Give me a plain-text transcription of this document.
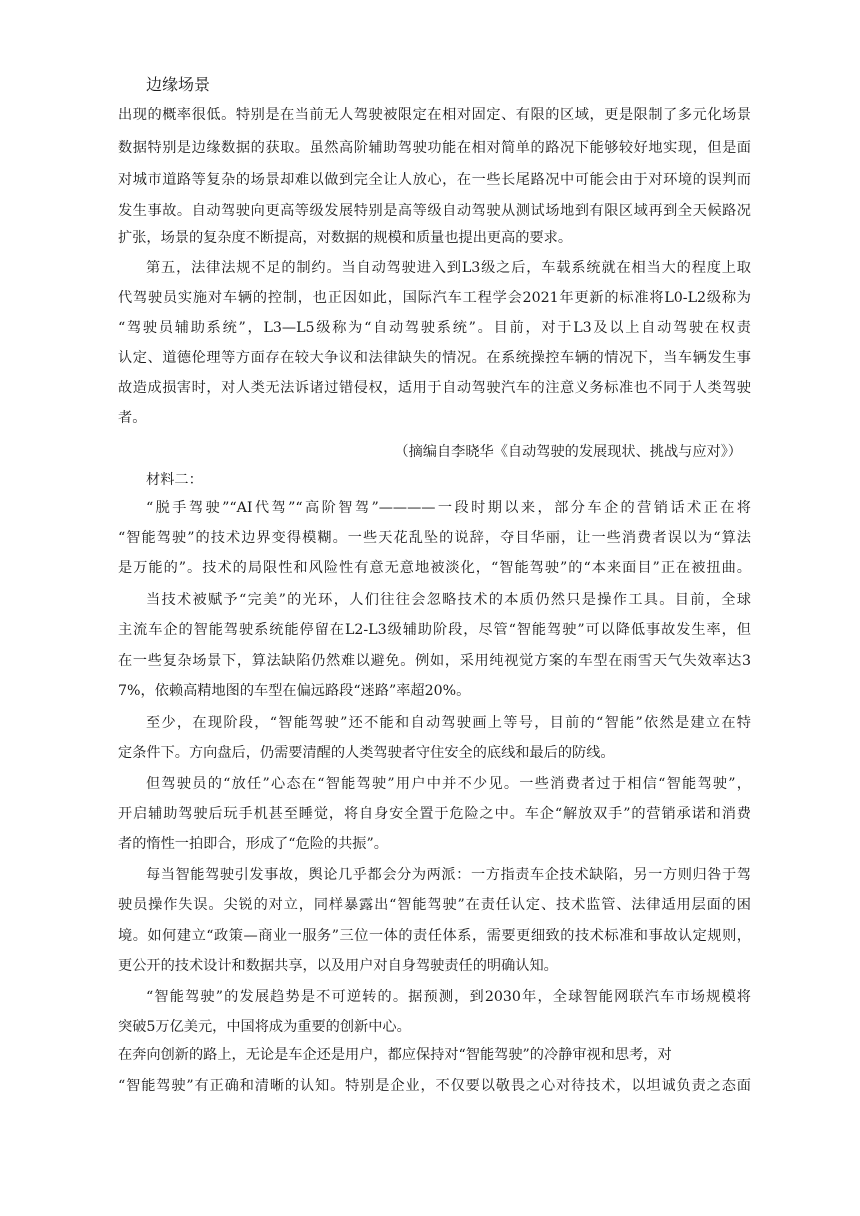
边缘场景
出现的概率很低。特别是在当前无人驾驶被限定在相对固定、有限的区域，更是限制了多元化场景
数据特别是边缘数据的获取。虽然高阶辅助驾驶功能在相对简单的路况下能够较好地实现，但是面
对城市道路等复杂的场景却难以做到完全让人放心，在一些长尾路况中可能会由于对环境的误判而
发生事故。自动驾驶向更高等级发展特别是高等级自动驾驶从测试场地到有限区域再到全天候路况
扩张，场景的复杂度不断提高，对数据的规模和质量也提出更高的要求。
第五，法律法规不足的制约。当自动驾驶进入到L3级之后，车载系统就在相当大的程度上取
代驾驶员实施对车辆的控制，也正因如此，国际汽车工程学会2021年更新的标准将L0-L2级称为
“驾驶员辅助系统”，L3—L5级称为“自动驾驶系统”。目前，对于L3及以上自动驾驶在权责
认定、道德伦理等方面存在较大争议和法律缺失的情况。在系统操控车辆的情况下，当车辆发生事
故造成损害时，对人类无法诉诸过错侵权，适用于自动驾驶汽车的注意义务标准也不同于人类驾驶
者。
（摘编自李晓华《自动驾驶的发展现状、挑战与应对》）
材料二：
“脱手驾驶”“AI代驾”“高阶智驾”————一段时期以来，部分车企的营销话术正在将
“智能驾驶”的技术边界变得模糊。一些天花乱坠的说辞，夺目华丽，让一些消费者误以为“算法
是万能的”。技术的局限性和风险性有意无意地被淡化，“智能驾驶”的“本来面目”正在被扭曲。
当技术被赋予“完美”的光环，人们往往会忽略技术的本质仍然只是操作工具。目前，全球
主流车企的智能驾驶系统能停留在L2-L3级辅助阶段，尽管“智能驾驶”可以降低事故发生率，但
在一些复杂场景下，算法缺陷仍然难以避免。例如，采用纯视觉方案的车型在雨雪天气失效率达3
7%，依赖高精地图的车型在偏远路段“迷路”率超20%。
至少，在现阶段，“智能驾驶”还不能和自动驾驶画上等号，目前的“智能”依然是建立在特
定条件下。方向盘后，仍需要清醒的人类驾驶者守住安全的底线和最后的防线。
但驾驶员的“放任”心态在“智能驾驶”用户中并不少见。一些消费者过于相信“智能驾驶”，
开启辅助驾驶后玩手机甚至睡觉，将自身安全置于危险之中。车企“解放双手”的营销承诺和消费
者的惰性一拍即合，形成了“危险的共振”。
每当智能驾驶引发事故，舆论几乎都会分为两派：一方指责车企技术缺陷，另一方则归咎于驾
驶员操作失误。尖锐的对立，同样暴露出“智能驾驶”在责任认定、技术监管、法律适用层面的困
境。如何建立“政策—商业一服务”三位一体的责任体系，需要更细致的技术标准和事故认定规则，
更公开的技术设计和数据共享，以及用户对自身驾驶责任的明确认知。
“智能驾驶”的发展趋势是不可逆转的。据预测，到2030年，全球智能网联汽车市场规模将
突破5万亿美元，中国将成为重要的创新中心。
在奔向创新的路上，无论是车企还是用户，都应保持对“智能驾驶”的冷静审视和思考，对
“智能驾驶”有正确和清晰的认知。特别是企业，不仅要以敬畏之心对待技术，以坦诚负责之态面
